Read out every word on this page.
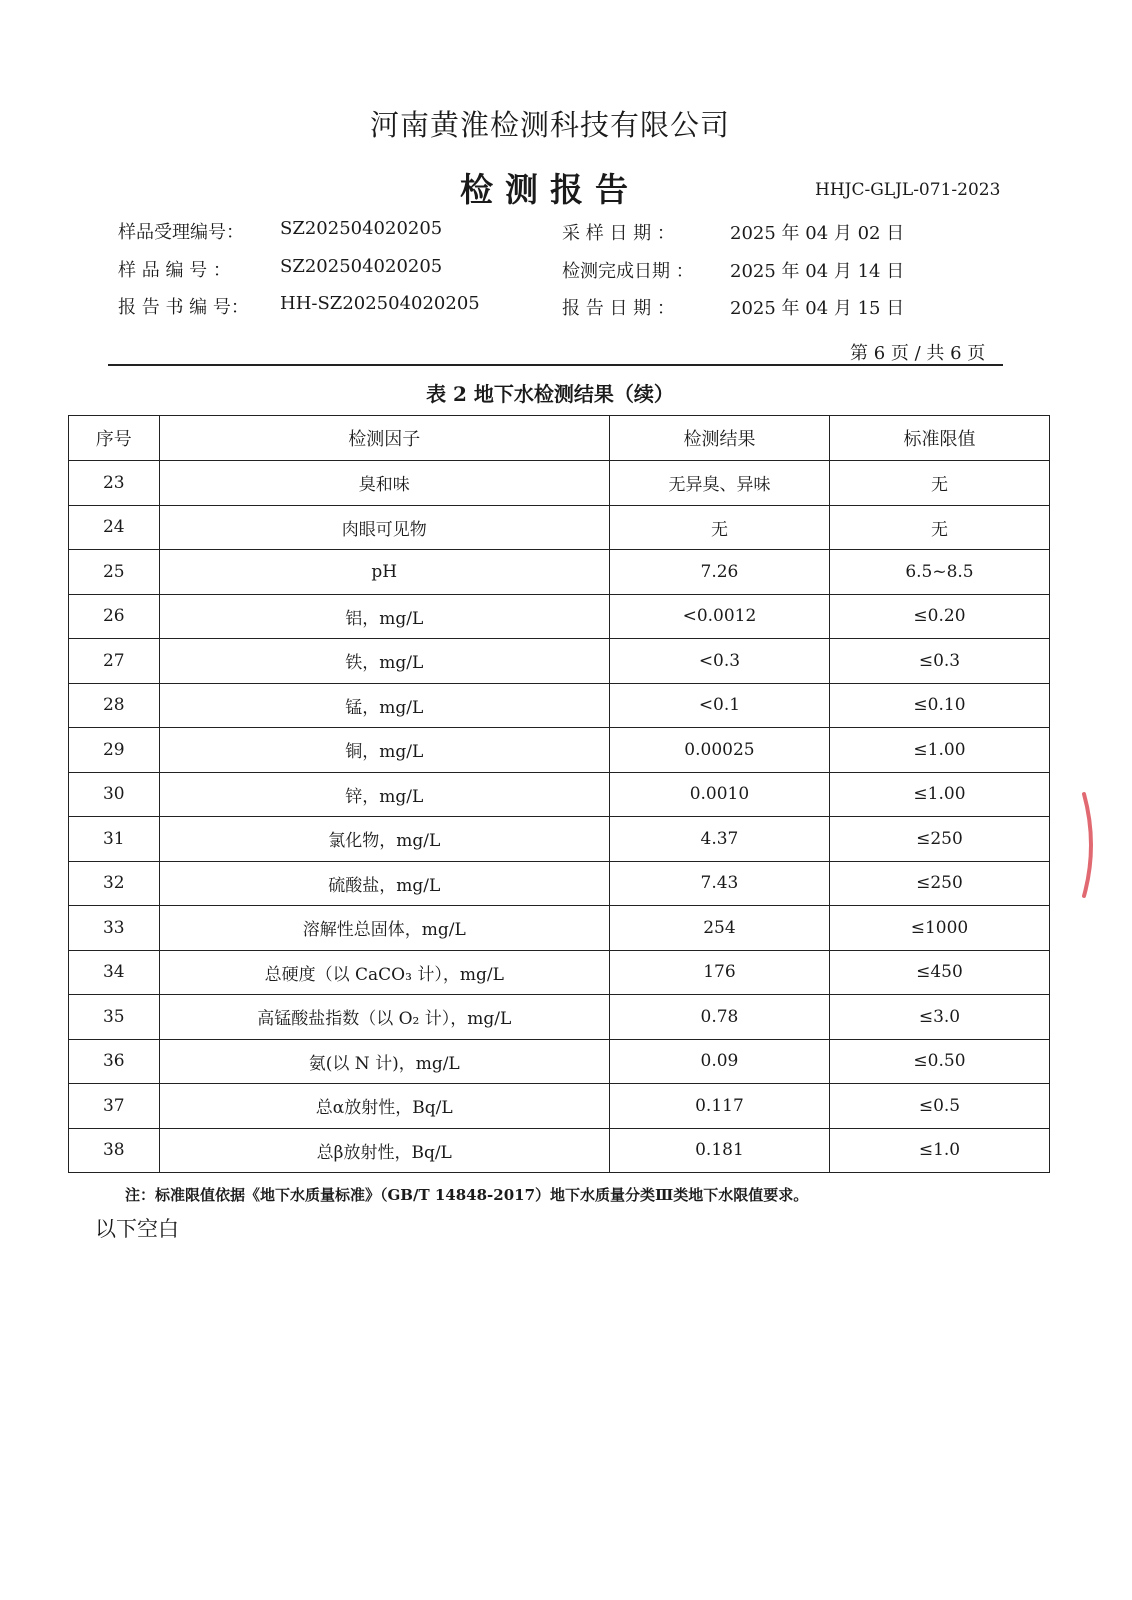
河南黄淮检测科技有限公司
检测报告	HHJC-GLJL-071-2023
样品受理编号： SZ202504020205
样 品 编 号 ：	SZ202504020205
报 告 书 编 号： HH-SZ202504020205
采 样 日 期 ：	2025 年 04 月 02 日
检测完成日期 ： 2025 年 04 月 14 日
报 告 日 期 ：	2025 年 04 月 15 日
第 6 页 / 共 6 页
表 2 地下水检测结果（续）
序号	检测因子	检测结果	标准限值
23	臭和味	无异臭、异味	无
24	肉眼可见物	无	无
25	pH	7.26	6.5~8.5
26	铝，mg/L	<0.0012	≤0.20
27	铁，mg/L	<0.3	≤0.3
28	锰，mg/L	<0.1	≤0.10
29	铜，mg/L	0.00025	≤1.00
30	锌，mg/L	0.0010	≤1.00
31	氯化物，mg/L	4.37	≤250
32	硫酸盐，mg/L	7.43	≤250
33	溶解性总固体，mg/L	254	≤1000
34	总硬度（以 CaCO₃ 计），mg/L	176	≤450
35	高锰酸盐指数（以 O₂ 计），mg/L	0.78	≤3.0
36	氨(以 N 计)，mg/L	0.09	≤0.50
37	总α放射性，Bq/L	0.117	≤0.5
38	总β放射性，Bq/L	0.181	≤1.0
注：标准限值依据《地下水质量标准》（GB/T 14848-2017）地下水质量分类Ⅲ类地下水限值要求。
以下空白
